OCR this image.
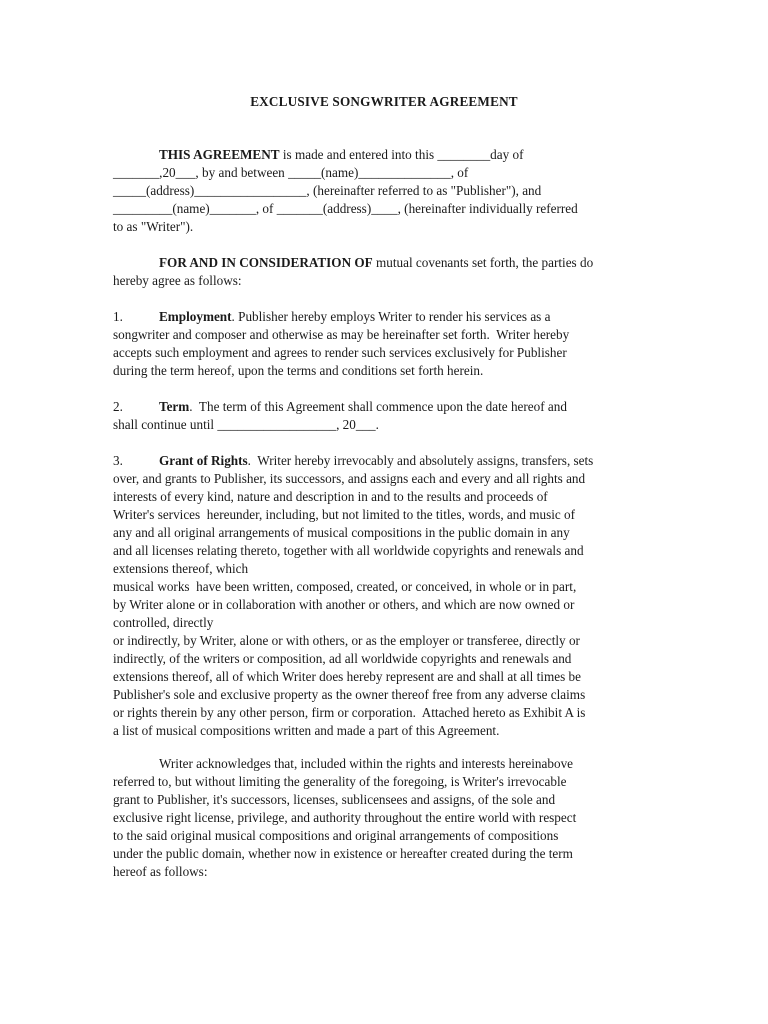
EXCLUSIVE SONGWRITER AGREEMENT
THIS AGREEMENT is made and entered into this ________day of
_______,20___, by and between _____(name)______________, of
_____(address)_________________, (hereinafter referred to as "Publisher"), and
_________(name)_______, of _______(address)____, (hereinafter individually referred
to as "Writer").
FOR AND IN CONSIDERATION OF mutual covenants set forth, the parties do
hereby agree as follows:
1.	Employment. Publisher hereby employs Writer to render his services as a
songwriter and composer and otherwise as may be hereinafter set forth.  Writer hereby
accepts such employment and agrees to render such services exclusively for Publisher
during the term hereof, upon the terms and conditions set forth herein.
2.	Term.  The term of this Agreement shall commence upon the date hereof and
shall continue until __________________, 20___.
3.	Grant of Rights.  Writer hereby irrevocably and absolutely assigns, transfers, sets
over, and grants to Publisher, its successors, and assigns each and every and all rights and
interests of every kind, nature and description in and to the results and proceeds of
Writer's services  hereunder, including, but not limited to the titles, words, and music of
any and all original arrangements of musical compositions in the public domain in any
and all licenses relating thereto, together with all worldwide copyrights and renewals and
extensions thereof, which
musical works  have been written, composed, created, or conceived, in whole or in part,
by Writer alone or in collaboration with another or others, and which are now owned or
controlled, directly
or indirectly, by Writer, alone or with others, or as the employer or transferee, directly or
indirectly, of the writers or composition, ad all worldwide copyrights and renewals and
extensions thereof, all of which Writer does hereby represent are and shall at all times be
Publisher's sole and exclusive property as the owner thereof free from any adverse claims
or rights therein by any other person, firm or corporation.  Attached hereto as Exhibit A is
a list of musical compositions written and made a part of this Agreement.
Writer acknowledges that, included within the rights and interests hereinabove
referred to, but without limiting the generality of the foregoing, is Writer's irrevocable
grant to Publisher, it's successors, licenses, sublicensees and assigns, of the sole and
exclusive right license, privilege, and authority throughout the entire world with respect
to the said original musical compositions and original arrangements of compositions
under the public domain, whether now in existence or hereafter created during the term
hereof as follows:
